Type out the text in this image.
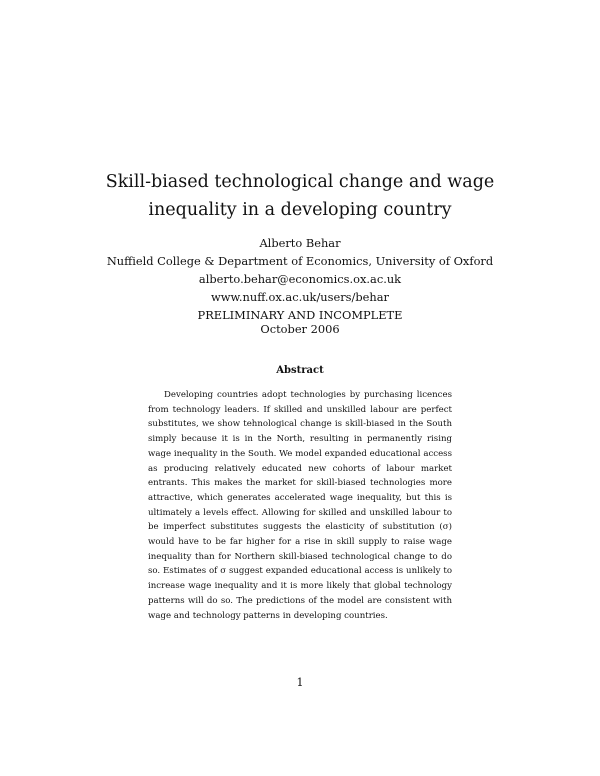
Skill-biased technological change and wage
inequality in a developing country
Alberto Behar
Nuffield College & Department of Economics, University of Oxford
alberto.behar@economics.ox.ac.uk
www.nuff.ox.ac.uk/users/behar
PRELIMINARY AND INCOMPLETE
October 2006
Abstract

Developing countries adopt technologies by purchasing licences from technology leaders. If skilled and unskilled labour are perfect substitutes, we show tehnological change is skill-biased in the South simply because it is in the North, resulting in permanently rising wage inequality in the South. We model expanded educational access as producing relatively educated new cohorts of labour market entrants. This makes the market for skill-biased technologies more attractive, which generates accelerated wage inequality, but this is ultimately a levels effect. Allowing for skilled and unskilled labour to be imperfect substitutes suggests the elasticity of substitution (σ) would have to be far higher for a rise in skill supply to raise wage inequality than for Northern skill-biased technological change to do so. Estimates of σ suggest expanded educational access is unlikely to increase wage inequality and it is more likely that global technology patterns will do so. The predictions of the model are consistent with wage and technology patterns in developing countries.

1
